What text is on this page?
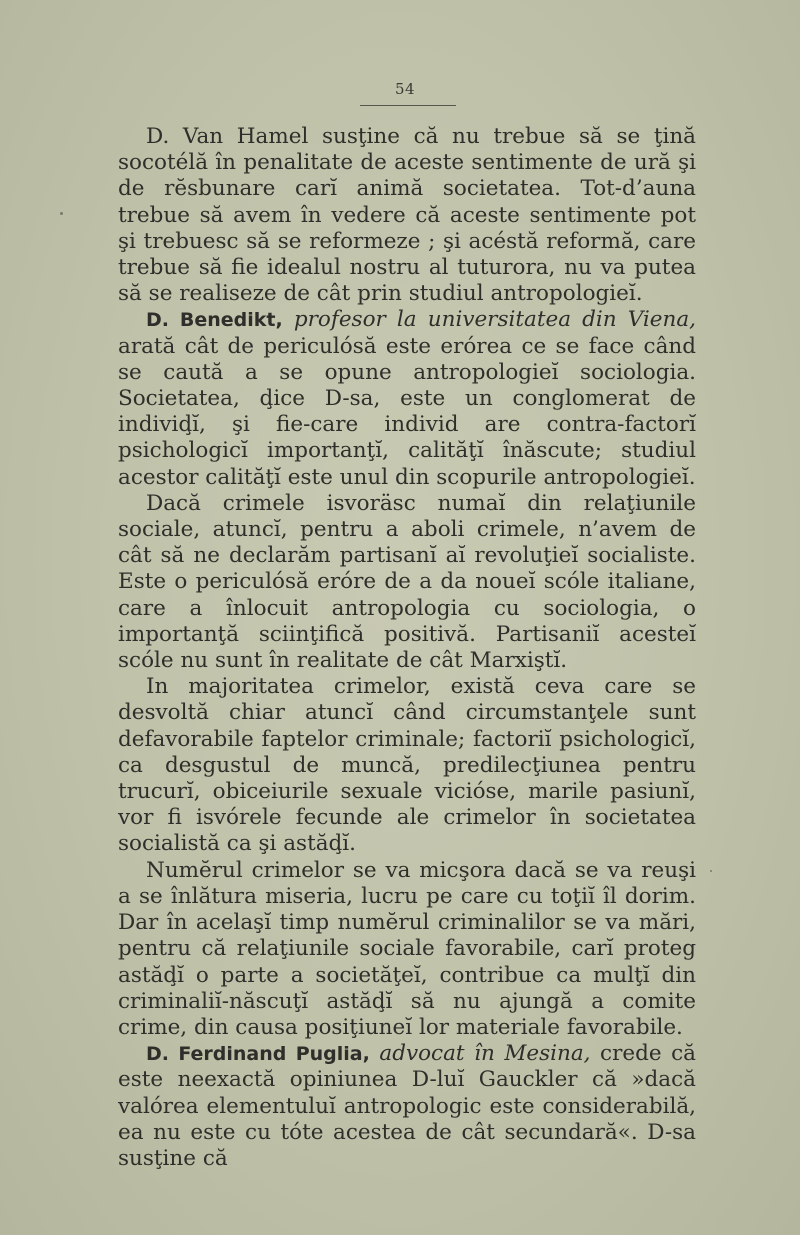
54

D. Van Hamel susţine că nu trebue să se ţină socotélă în penalitate de aceste sentimente de ură şi de rĕsbunare carĭ animă societatea. Tot-d’auna trebue să avem în vedere că aceste sentimente pot şi trebuesc să se reformeze ; şi acéstă reformă, care trebue să fie idealul nostru al tuturora, nu va putea să se realiseze de cât prin studiul antropologieĭ.

D. Benedikt, profesor la universitatea din Viena, arată cât de periculósă este erórea ce se face când se caută a se opune antropologieĭ sociologia. Societatea, ḑice D-sa, este un conglomerat de indiviḑĭ, şi fie-care individ are contra-factorĭ psichologicĭ importanţĭ, calităţĭ înăscute; studiul acestor calităţĭ este unul din scopurile antropologieĭ.

Dacă crimele isvoräsc numaĭ din relaţiunile sociale, atuncĭ, pentru a aboli crimele, n’avem de cât să ne declarăm partisanĭ aĭ revoluţieĭ socialiste. Este o periculósă eróre de a da noueĭ scóle italiane, care a înlocuit antropologia cu sociologia, o importanţă sciinţifică positivă. Partisaniĭ acesteĭ scóle nu sunt în realitate de cât Marxiştĭ.

In majoritatea crimelor, există ceva care se desvoltă chiar atuncĭ când circumstanţele sunt defavorabile faptelor criminale; factoriĭ psichologicĭ, ca desgustul de muncă, predilecţiunea pentru trucurĭ, obiceiurile sexuale viciόse, marile pasiunĭ, vor fi isvórele fecunde ale crimelor în societatea socialistă ca şi astăḑĭ.

Numĕrul crimelor se va micşora dacă se va reuşi a se înlătura miseria, lucru pe care cu toţiĭ îl dorim. Dar în acelaşĭ timp numĕrul criminalilor se va mări, pentru că relaţiunile sociale favorabile, carĭ proteg astăḑĭ o parte a societăţeĭ, contribue ca mulţĭ din criminaliĭ-născuţĭ astăḑĭ să nu ajungă a comite crime, din causa posiţiuneĭ lor materiale favorabile.

D. Ferdinand Puglia, advocat în Mesina, crede că este neexactă opiniunea D-luĭ Gauckler că »dacă valórea elementuluĭ antropologic este considerabilă, ea nu este cu tóte acestea de cât secundară«. D-sa susţine că
